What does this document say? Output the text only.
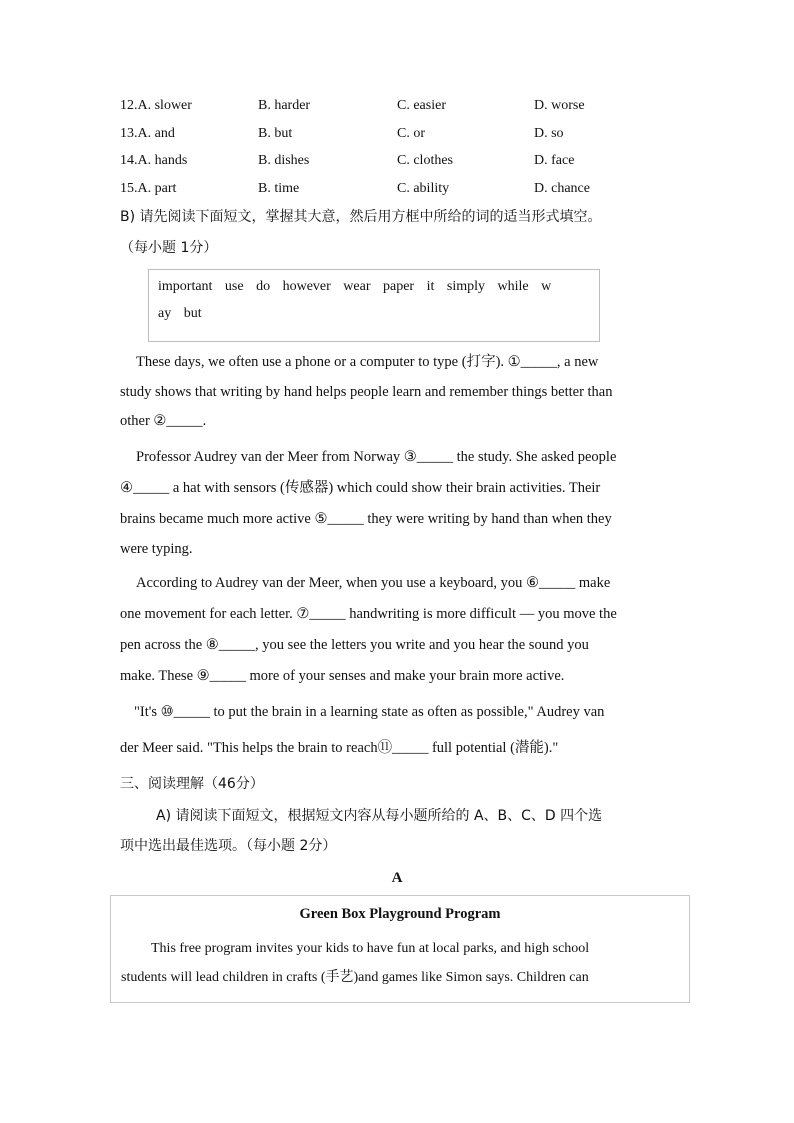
12.A. slower	B. harder	C. easier	D. worse
13.A. and	B. but	C. or	D. so
14.A. hands	B. dishes	C. clothes	D. face
15.A. part	B. time	C. ability	D. chance
B) 请先阅读下面短文，掌握其大意，然后用方框中所给的词的适当形式填空。
（每小题 1分）
important use do however wear paper it simply while w
ay but
These days, we often use a phone or a computer to type (打字). ①_____, a new
study shows that writing by hand helps people learn and remember things better than
other ②_____.
Professor Audrey van der Meer from Norway ③_____ the study. She asked people
④_____ a hat with sensors (传感器) which could show their brain activities. Their
brains became much more active ⑤_____ they were writing by hand than when they
were typing.
According to Audrey van der Meer, when you use a keyboard, you ⑥_____ make
one movement for each letter. ⑦_____ handwriting is more difficult — you move the
pen across the ⑧_____, you see the letters you write and you hear the sound you
make. These ⑨_____ more of your senses and make your brain more active.
"It's ⑩_____ to put the brain in a learning state as often as possible," Audrey van
der Meer said. "This helps the brain to reach⑪_____ full potential (潜能)."
三、阅读理解（46分）
A) 请阅读下面短文，根据短文内容从每小题所给的 A、B、C、D 四个选
项中选出最佳选项。（每小题 2分）
A
Green Box Playground Program
This free program invites your kids to have fun at local parks, and high school
students will lead children in crafts (手艺)and games like Simon says. Children can
